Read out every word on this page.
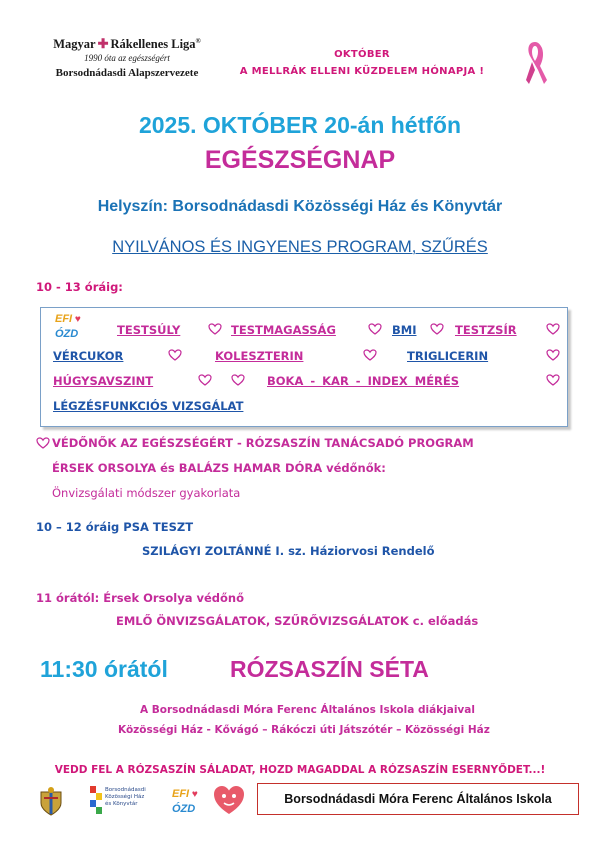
Magyar ✚ Rákellenes Liga®
1990 óta az egészségért
Borsodnádasdi Alapszervezete
OKTÓBER
A MELLRÁK ELLENI KÜZDELEM HÓNAPJA !
2025. OKTÓBER 20-án hétfőn
EGÉSZSÉGNAP
Helyszín: Borsodnádasdi Közösségi Ház és Könyvtár
NYILVÁNOS ÉS INGYENES PROGRAM, SZŰRÉS
10 - 13 óráig:
EFI ♥
ÓZD	TESTSÚLY	TESTMAGASSÁG	BMI	TESTZSÍR
VÉRCUKOR	KOLESZTERIN	TRIGLICERIN
HÚGYSAVSZINT	BOKA - KAR - INDEX MÉRÉS
LÉGZÉSFUNKCIÓS VIZSGÁLAT
VÉDŐNŐK AZ EGÉSZSÉGÉRT - RÓZSASZÍN TANÁCSADÓ PROGRAM
ÉRSEK ORSOLYA és BALÁZS HAMAR DÓRA védőnők:
Önvizsgálati módszer gyakorlata
10 – 12 óráig PSA TESZT
SZILÁGYI ZOLTÁNNÉ I. sz. Háziorvosi Rendelő
11 órától: Érsek Orsolya védőnő
EMLŐ ÖNVIZSGÁLATOK, SZŰRŐVIZSGÁLATOK c. előadás
11:30 órától	RÓZSASZÍN SÉTA
A Borsodnádasdi Móra Ferenc Általános Iskola diákjaival
Közösségi Ház - Kővágó – Rákóczi úti Játszótér – Közösségi Ház
VEDD FEL A RÓZSASZÍN SÁLADAT, HOZD MAGADDAL A RÓZSASZÍN ESERNYŐDET...!
Borsodnádasdi Közösségi Ház és Könyvtár
EFI ♥
ÓZD
Borsodnádasdi Móra Ferenc Általános Iskola
